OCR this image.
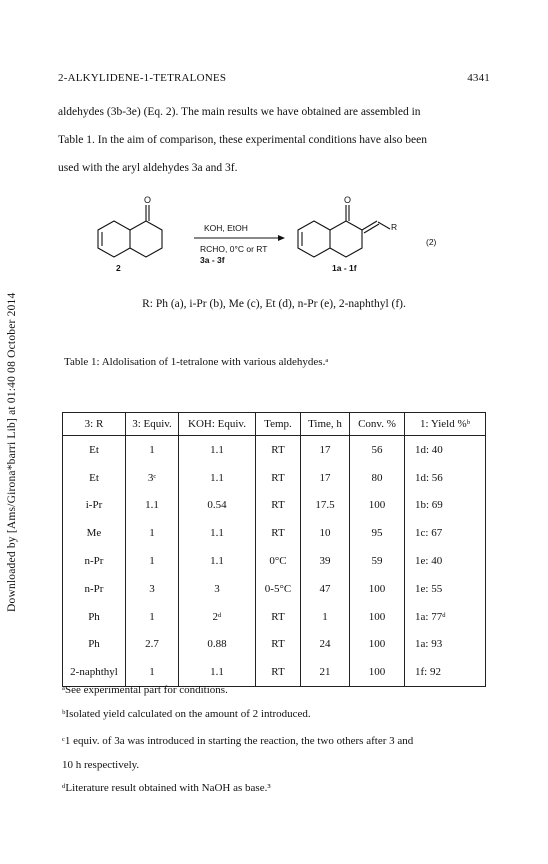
2-ALKYLIDENE-1-TETRALONES	4341
Downloaded by [Ams/Girona*barri Lib] at 01:40 08 October 2014
aldehydes (3b-3e) (Eq. 2). The main results we have obtained are assembled in
Table 1. In the aim of comparison, these experimental conditions have also been
used with the aryl aldehydes 3a and 3f.
O
2
KOH, EtOH
RCHO, 0°C or RT
3a - 3f
O
R
1a - 1f
(2)
R: Ph (a), i-Pr (b), Me (c), Et (d), n-Pr (e), 2-naphthyl (f).
Table 1: Aldolisation of 1-tetralone with various aldehydes.ᵃ
3: R	3: Equiv.	KOH: Equiv.	Temp.	Time, h	Conv. %	1: Yield %ᵇ
Et	1	1.1	RT	17	56	1d: 40
Et	3ᶜ	1.1	RT	17	80	1d: 56
i-Pr	1.1	0.54	RT	17.5	100	1b: 69
Me	1	1.1	RT	10	95	1c: 67
n-Pr	1	1.1	0°C	39	59	1e: 40
n-Pr	3	3	0-5°C	47	100	1e: 55
Ph	1	2ᵈ	RT	1	100	1a: 77ᵈ
Ph	2.7	0.88	RT	24	100	1a: 93
2-naphthyl	1	1.1	RT	21	100	1f: 92
ᵃSee experimental part for conditions.
ᵇIsolated yield calculated on the amount of 2 introduced.
ᶜ1 equiv. of 3a was introduced in starting the reaction, the two others after 3 and
10 h respectively.
ᵈLiterature result obtained with NaOH as base.³
